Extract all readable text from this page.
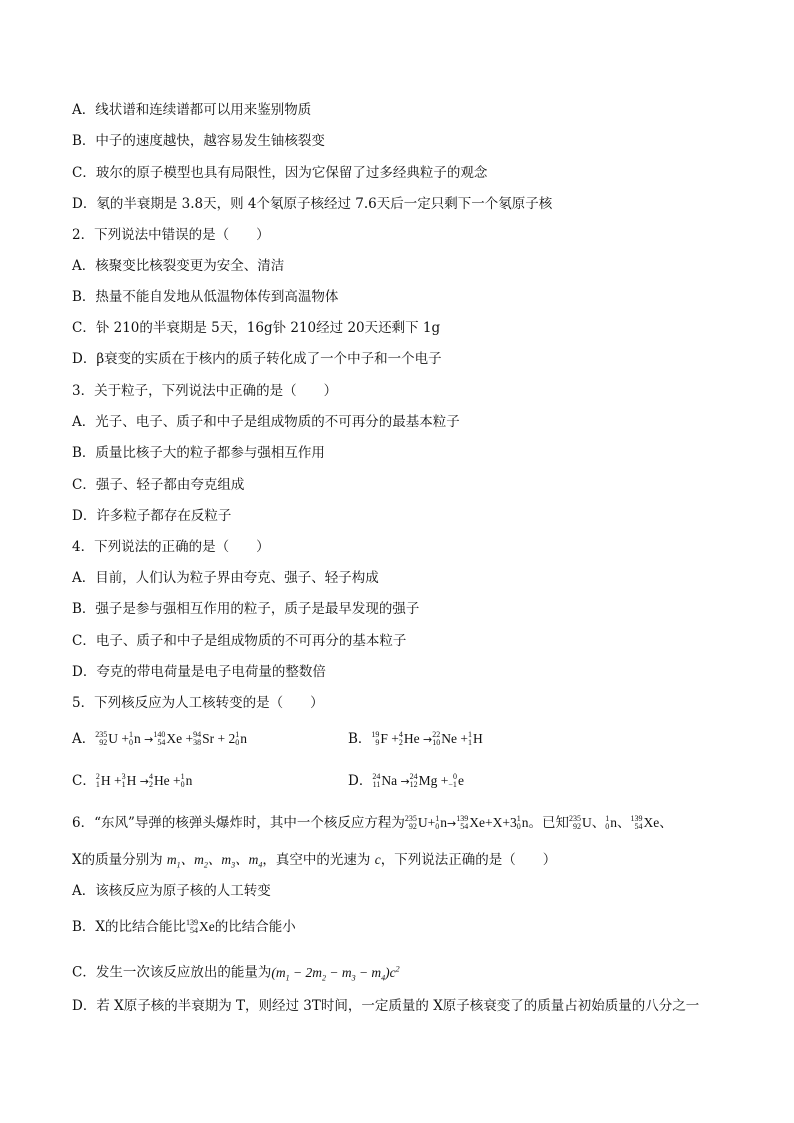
A．线状谱和连续谱都可以用来鉴别物质
B．中子的速度越快，越容易发生铀核裂变
C．玻尔的原子模型也具有局限性，因为它保留了过多经典粒子的观念
D．氡的半衰期是 3.8天，则 4个氡原子核经过 7.6天后一定只剩下一个氡原子核
2．下列说法中错误的是（　　）
A．核聚变比核裂变更为安全、清洁
B．热量不能自发地从低温物体传到高温物体
C．钋 210的半衰期是 5天，16g钋 210经过 20天还剩下 1g
D．β衰变的实质在于核内的质子转化成了一个中子和一个电子
3．关于粒子，下列说法中正确的是（　　）
A．光子、电子、质子和中子是组成物质的不可再分的最基本粒子
B．质量比核子大的粒子都参与强相互作用
C．强子、轻子都由夸克组成
D．许多粒子都存在反粒子
4．下列说法的正确的是（　　）
A．目前，人们认为粒子界由夸克、强子、轻子构成
B．强子是参与强相互作用的粒子，质子是最早发现的强子
C．电子、质子和中子是组成物质的不可再分的基本粒子
D．夸克的带电荷量是电子电荷量的整数倍
5．下列核反应为人工核转变的是（　　）
A． 235
92 U + 1
0 n → 140
54 Xe + 94
38 Sr + 2 1
0 n	B． 19
9 F + 4
2 He → 22
10 Ne + 1
1 H
C． 2
1 H + 3
1 H → 4
2 He + 1
0 n	D． 24
11 Na → 24
12 Mg + 0
−1 e
6．“东风”导弹的核弹头爆炸时，其中一个核反应方程为 235
92 U+ 1
0 n→ 139
54 Xe+X+3 1
0 n。已知 235
92 U、 1
0 n、 139
54 Xe、
X的质量分别为 $m_1$、$m_2$、$m_3$、$m_4$，真空中的光速为 c，下列说法正确的是（　　）
A．该核反应为原子核的人工转变
B．X的比结合能比 139
54 Xe的比结合能小
C．发生一次该反应放出的能量为$(m_1 - 2m_2 - m_3 - m_4)c^2$
D．若 X原子核的半衰期为 T，则经过 3T时间，一定质量的 X原子核衰变了的质量占初始质量的八分之一
